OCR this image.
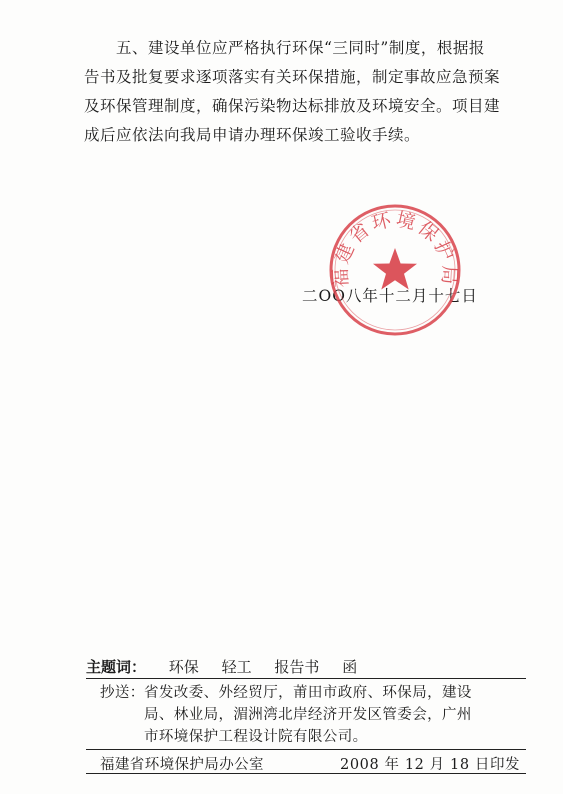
五、建设单位应严格执行环保“三同时”制度，根据报
告书及批复要求逐项落实有关环保措施，制定事故应急预案
及环保管理制度，确保污染物达标排放及环境安全。项目建
成后应依法向我局申请办理环保竣工验收手续。
二OO八年十二月十七日
福建省环境保护局
主题词： 环保 轻工 报告书 函
抄送：省发改委、外经贸厅，莆田市政府、环保局，建设
局、林业局，湄洲湾北岸经济开发区管委会，广州
市环境保护工程设计院有限公司。
福建省环境保护局办公室	2008 年 12 月 18 日印发
